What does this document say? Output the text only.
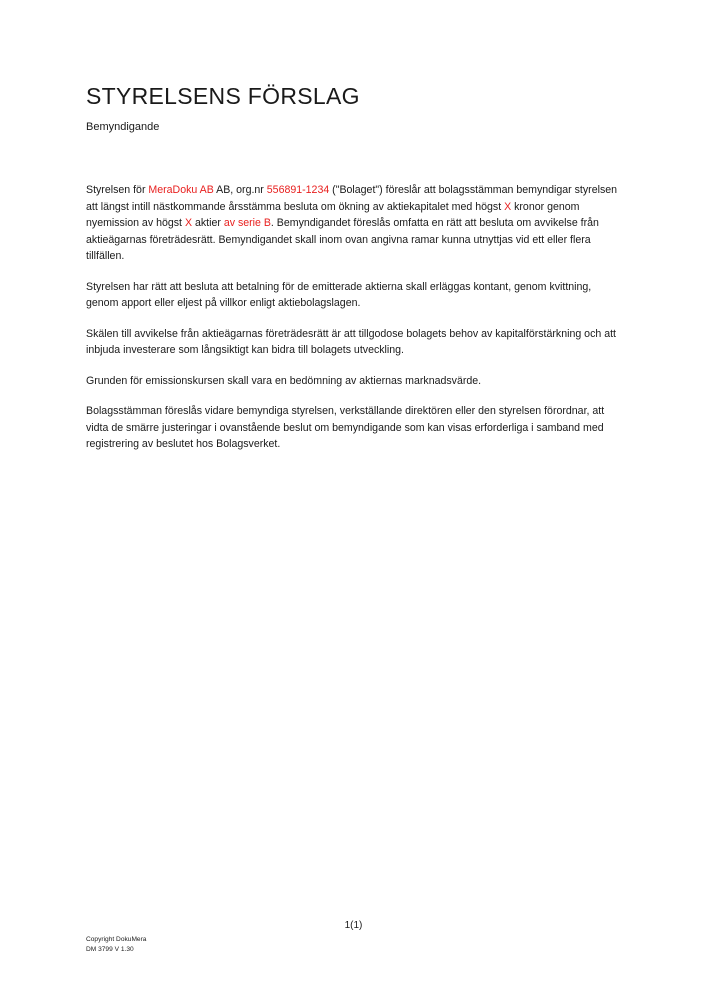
STYRELSENS FÖRSLAG
Bemyndigande

Styrelsen för MeraDoku AB AB, org.nr 556891-1234 ("Bolaget") föreslår att bolagsstämman bemyndigar styrelsen att längst intill nästkommande årsstämma besluta om ökning av aktiekapitalet med högst X kronor genom nyemission av högst X aktier av serie B. Bemyndigandet föreslås omfatta en rätt att besluta om avvikelse från aktieägarnas företrädesrätt. Bemyndigandet skall inom ovan angivna ramar kunna utnyttjas vid ett eller flera tillfällen.

Styrelsen har rätt att besluta att betalning för de emitterade aktierna skall erläggas kontant, genom kvittning, genom apport eller eljest på villkor enligt aktiebolagslagen.

Skälen till avvikelse från aktieägarnas företrädesrätt är att tillgodose bolagets behov av kapitalförstärkning och att inbjuda investerare som långsiktigt kan bidra till bolagets utveckling.

Grunden för emissionskursen skall vara en bedömning av aktiernas marknadsvärde.

Bolagsstämman föreslås vidare bemyndiga styrelsen, verkställande direktören eller den styrelsen förordnar, att vidta de smärre justeringar i ovanstående beslut om bemyndigande som kan visas erforderliga i samband med registrering av beslutet hos Bolagsverket.

1(1)
Copyright DokuMera
DM 3799 V 1.30
